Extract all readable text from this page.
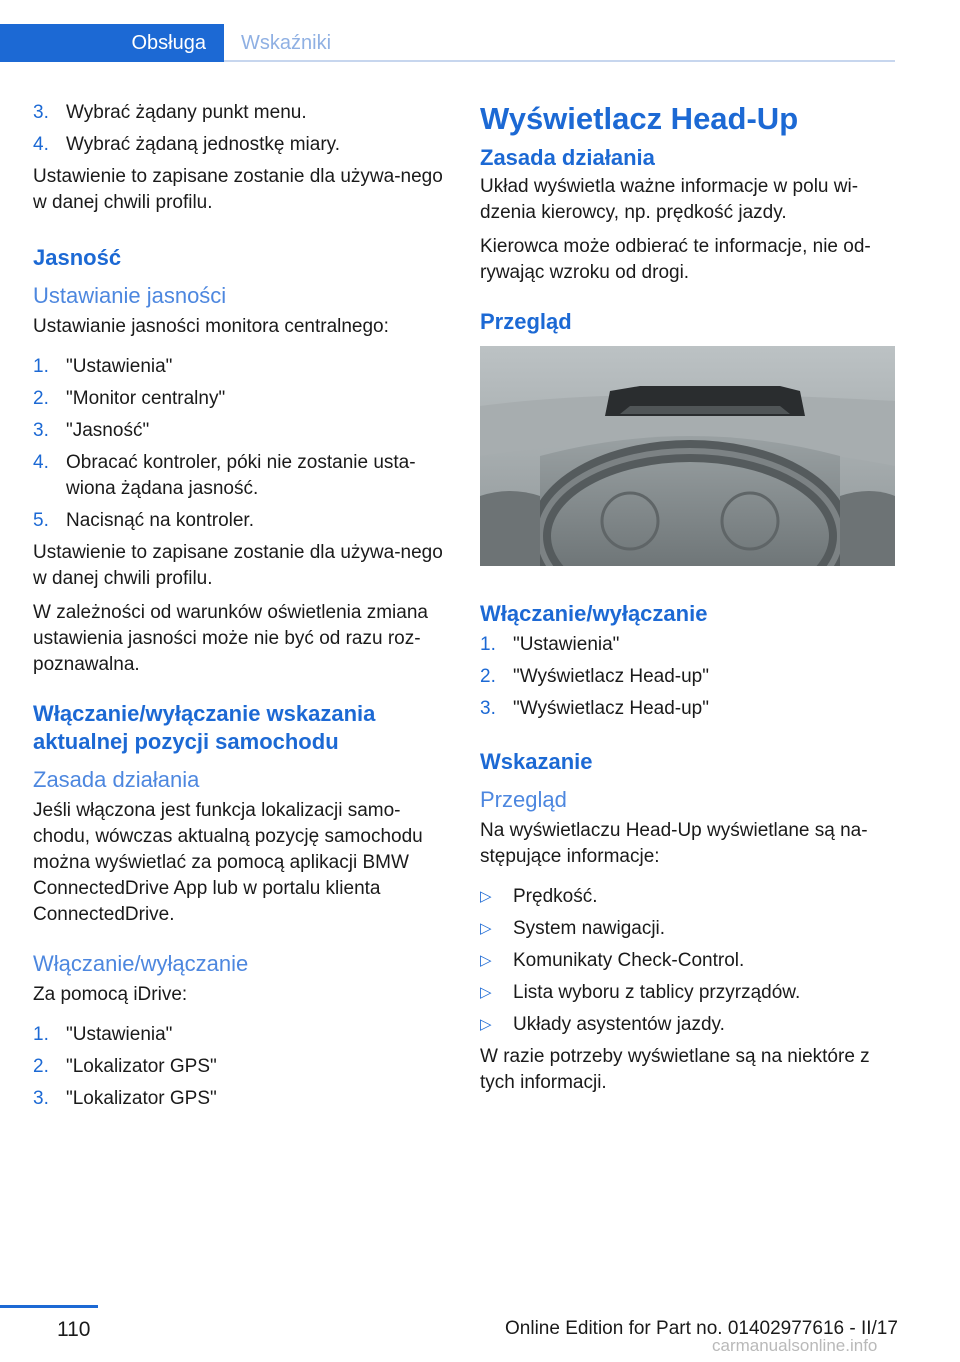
Obsługa	Wskaźniki
3. Wybrać żądany punkt menu.
4. Wybrać żądaną jednostkę miary.

Ustawienie to zapisane zostanie dla używa‐nego w danej chwili profilu.

Jasność
Ustawianie jasności

Ustawianie jasności monitora centralnego:

1. "Ustawienia"
2. "Monitor centralny"
3. "Jasność"
4. Obracać kontroler, póki nie zostanie usta‐wiona żądana jasność.
5. Nacisnąć na kontroler.

Ustawienie to zapisane zostanie dla używa‐nego w danej chwili profilu.

W zależności od warunków oświetlenia zmiana ustawienia jasności może nie być od razu roz‐poznawalna.

Włączanie/wyłączanie wskazania aktualnej pozycji samochodu
Zasada działania

Jeśli włączona jest funkcja lokalizacji samo‐chodu, wówczas aktualną pozycję samochodu można wyświetlać za pomocą aplikacji BMW ConnectedDrive App lub w portalu klienta ConnectedDrive.

Włączanie/wyłączanie

Za pomocą iDrive:

1. "Ustawienia"
2. "Lokalizator GPS"
3. "Lokalizator GPS"
Wyświetlacz Head-Up
Zasada działania

Układ wyświetla ważne informacje w polu wi‐dzenia kierowcy, np. prędkość jazdy.

Kierowca może odbierać te informacje, nie od‐rywając wzroku od drogi.

Przegląd
Włączanie/wyłączanie
1. "Ustawienia"
2. "Wyświetlacz Head-up"
3. "Wyświetlacz Head-up"
Wskazanie
Przegląd

Na wyświetlaczu Head-Up wyświetlane są na‐stępujące informacje:

▷ Prędkość.
▷ System nawigacji.
▷ Komunikaty Check-Control.
▷ Lista wyboru z tablicy przyrządów.
▷ Układy asystentów jazdy.

W razie potrzeby wyświetlane są na niektóre z tych informacji.

110	Online Edition for Part no. 01402977616 - II/17
carmanualsonline.info
